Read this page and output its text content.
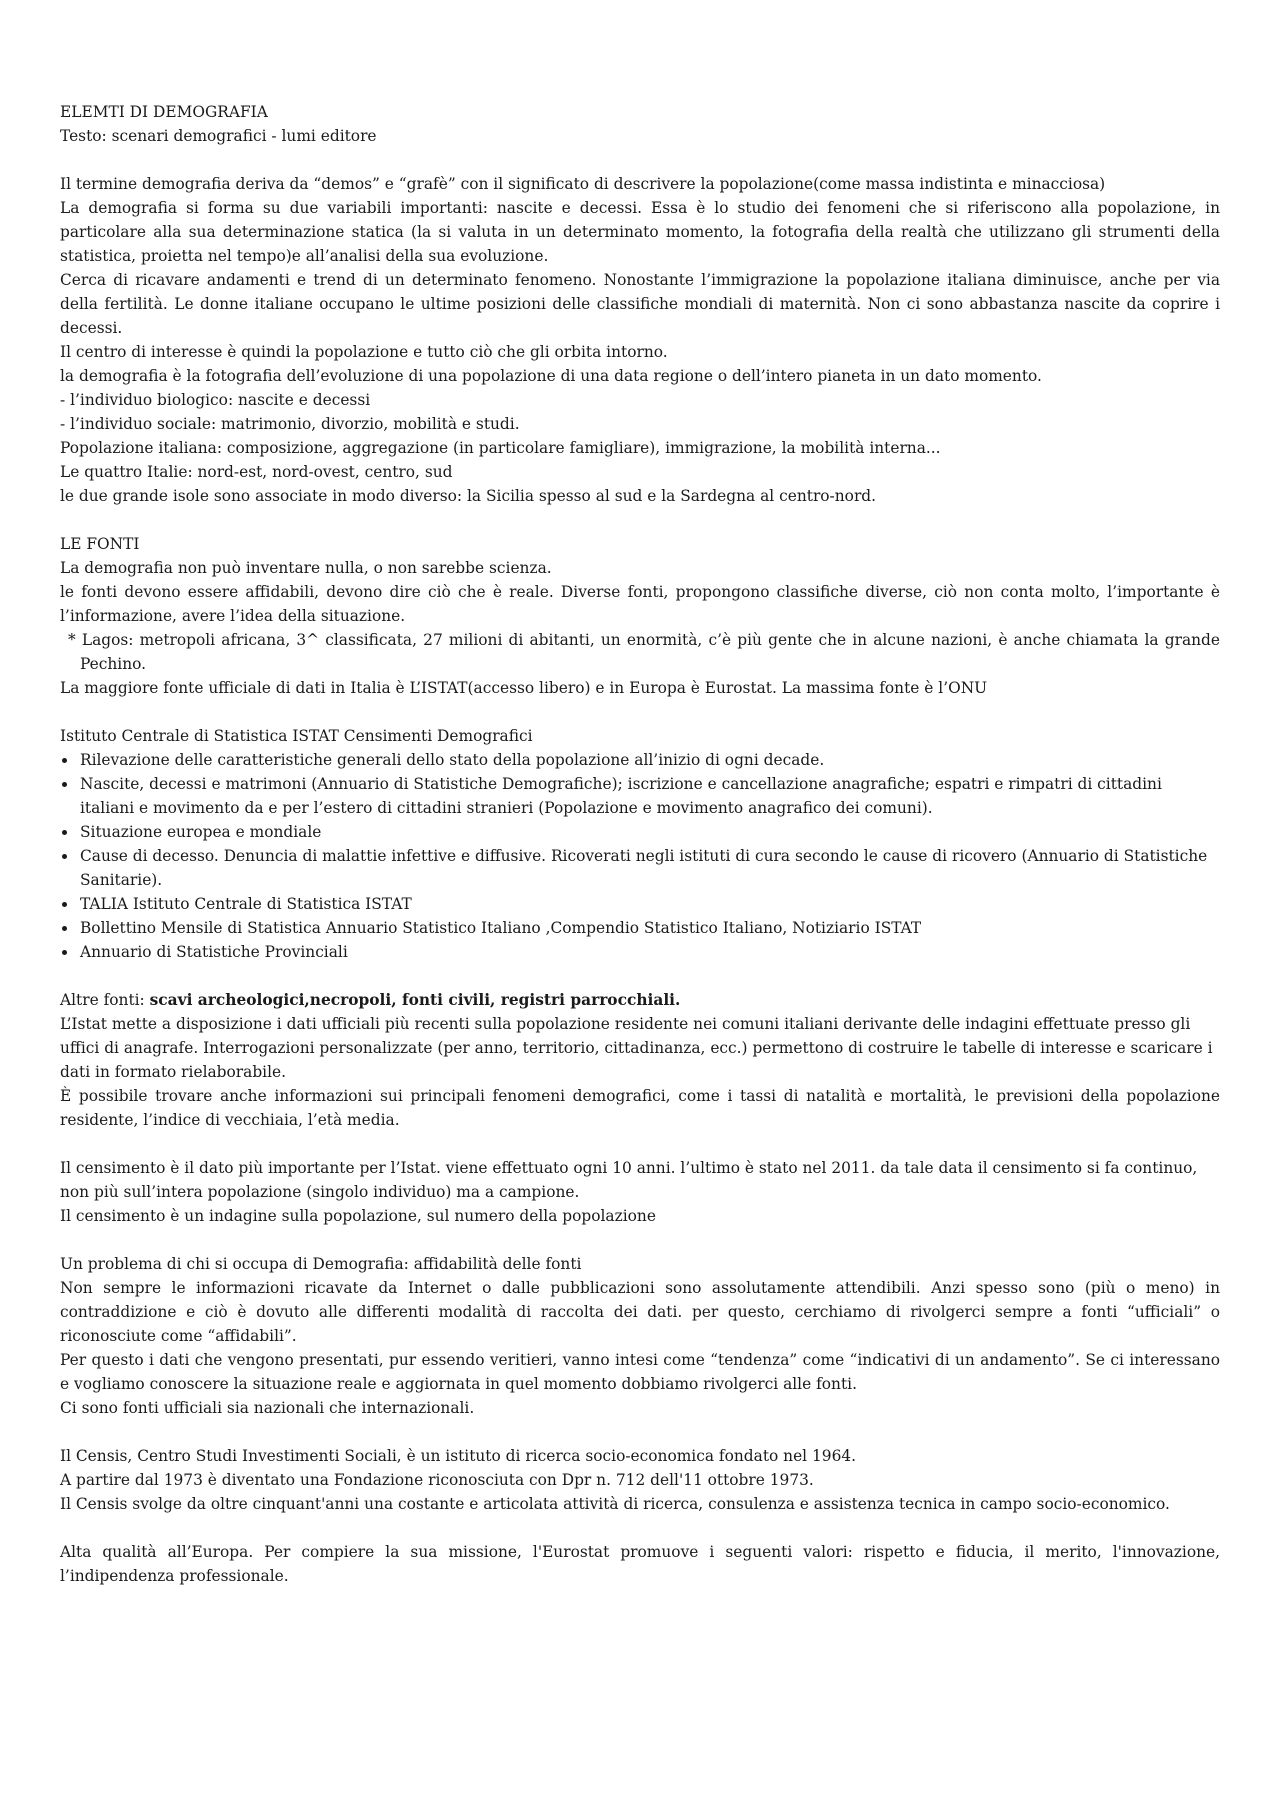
ELEMTI DI DEMOGRAFIA

Testo: scenari demografici - lumi editore

Il termine demografia deriva da “demos” e “grafè” con il significato di descrivere la popolazione(come massa indistinta e minacciosa)

La demografia si forma su due variabili importanti: nascite e decessi. Essa è lo studio dei fenomeni che si riferiscono alla popolazione, in particolare alla sua determinazione statica (la si valuta in un determinato momento, la fotografia della realtà che utilizzano gli strumenti della statistica, proietta nel tempo)e all’analisi della sua evoluzione.

Cerca di ricavare andamenti e trend di un determinato fenomeno. Nonostante l’immigrazione la popolazione italiana diminuisce, anche per via della fertilità. Le donne italiane occupano le ultime posizioni delle classifiche mondiali di maternità. Non ci sono abbastanza nascite da coprire i decessi.

Il centro di interesse è quindi la popolazione e tutto ciò che gli orbita intorno.

la demografia è la fotografia dell’evoluzione di una popolazione di una data regione o dell’intero pianeta in un dato momento.

- l’individuo biologico: nascite e decessi

- l’individuo sociale: matrimonio, divorzio, mobilità e studi.

Popolazione italiana: composizione, aggregazione (in particolare famigliare), immigrazione, la mobilità interna...

Le quattro Italie: nord-est, nord-ovest, centro, sud

le due grande isole sono associate in modo diverso: la Sicilia spesso al sud e la Sardegna al centro-nord.

LE FONTI

La demografia non può inventare nulla, o non sarebbe scienza.

le fonti devono essere affidabili, devono dire ciò che è reale. Diverse fonti, propongono classifiche diverse, ciò non conta molto, l’importante è l’informazione, avere l’idea della situazione.

* Lagos: metropoli africana, 3^ classificata, 27 milioni di abitanti, un enormità, c’è più gente che in alcune nazioni, è anche chiamata la grande Pechino.

La maggiore fonte ufficiale di dati in Italia è L’ISTAT(accesso libero) e in Europa è Eurostat. La massima fonte è l’ONU

Istituto Centrale di Statistica ISTAT Censimenti Demografici

Rilevazione delle caratteristiche generali dello stato della popolazione all’inizio di ogni decade.
Nascite, decessi e matrimoni (Annuario di Statistiche Demografiche); iscrizione e cancellazione anagrafiche; espatri e rimpatri di cittadini italiani e movimento da e per l’estero di cittadini stranieri (Popolazione e movimento anagrafico dei comuni).
Situazione europea e mondiale
Cause di decesso. Denuncia di malattie infettive e diffusive. Ricoverati negli istituti di cura secondo le cause di ricovero (Annuario di Statistiche Sanitarie).
TALIA Istituto Centrale di Statistica ISTAT
Bollettino Mensile di Statistica Annuario Statistico Italiano ,Compendio Statistico Italiano, Notiziario ISTAT
Annuario di Statistiche Provinciali

Altre fonti: scavi archeologici,necropoli, fonti civili, registri parrocchiali.

L’Istat mette a disposizione i dati ufficiali più recenti sulla popolazione residente nei comuni italiani derivante delle indagini effettuate presso gli uffici di anagrafe. Interrogazioni personalizzate (per anno, territorio, cittadinanza, ecc.) permettono di costruire le tabelle di interesse e scaricare i dati in formato rielaborabile.

È possibile trovare anche informazioni sui principali fenomeni demografici, come i tassi di natalità e mortalità, le previsioni della popolazione residente, l’indice di vecchiaia, l’età media.

Il censimento è il dato più importante per l’Istat. viene effettuato ogni 10 anni. l’ultimo è stato nel 2011. da tale data il censimento si fa continuo, non più sull’intera popolazione (singolo individuo) ma a campione.

Il censimento è un indagine sulla popolazione, sul numero della popolazione

Un problema di chi si occupa di Demografia: affidabilità delle fonti

Non sempre le informazioni ricavate da Internet o dalle pubblicazioni sono assolutamente attendibili. Anzi spesso sono (più o meno) in contraddizione e ciò è dovuto alle differenti modalità di raccolta dei dati. per questo, cerchiamo di rivolgerci sempre a fonti “ufficiali” o riconosciute come “affidabili”.

Per questo i dati che vengono presentati, pur essendo veritieri, vanno intesi come “tendenza” come “indicativi di un andamento”. Se ci interessano e vogliamo conoscere la situazione reale e aggiornata in quel momento dobbiamo rivolgerci alle fonti.

Ci sono fonti ufficiali sia nazionali che internazionali.

Il Censis, Centro Studi Investimenti Sociali, è un istituto di ricerca socio-economica fondato nel 1964.

A partire dal 1973 è diventato una Fondazione riconosciuta con Dpr n. 712 dell'11 ottobre 1973.

Il Censis svolge da oltre cinquant'anni una costante e articolata attività di ricerca, consulenza e assistenza tecnica in campo socio-economico.

Alta qualità all’Europa. Per compiere la sua missione, l'Eurostat promuove i seguenti valori: rispetto e fiducia, il merito, l'innovazione, l’indipendenza professionale.
